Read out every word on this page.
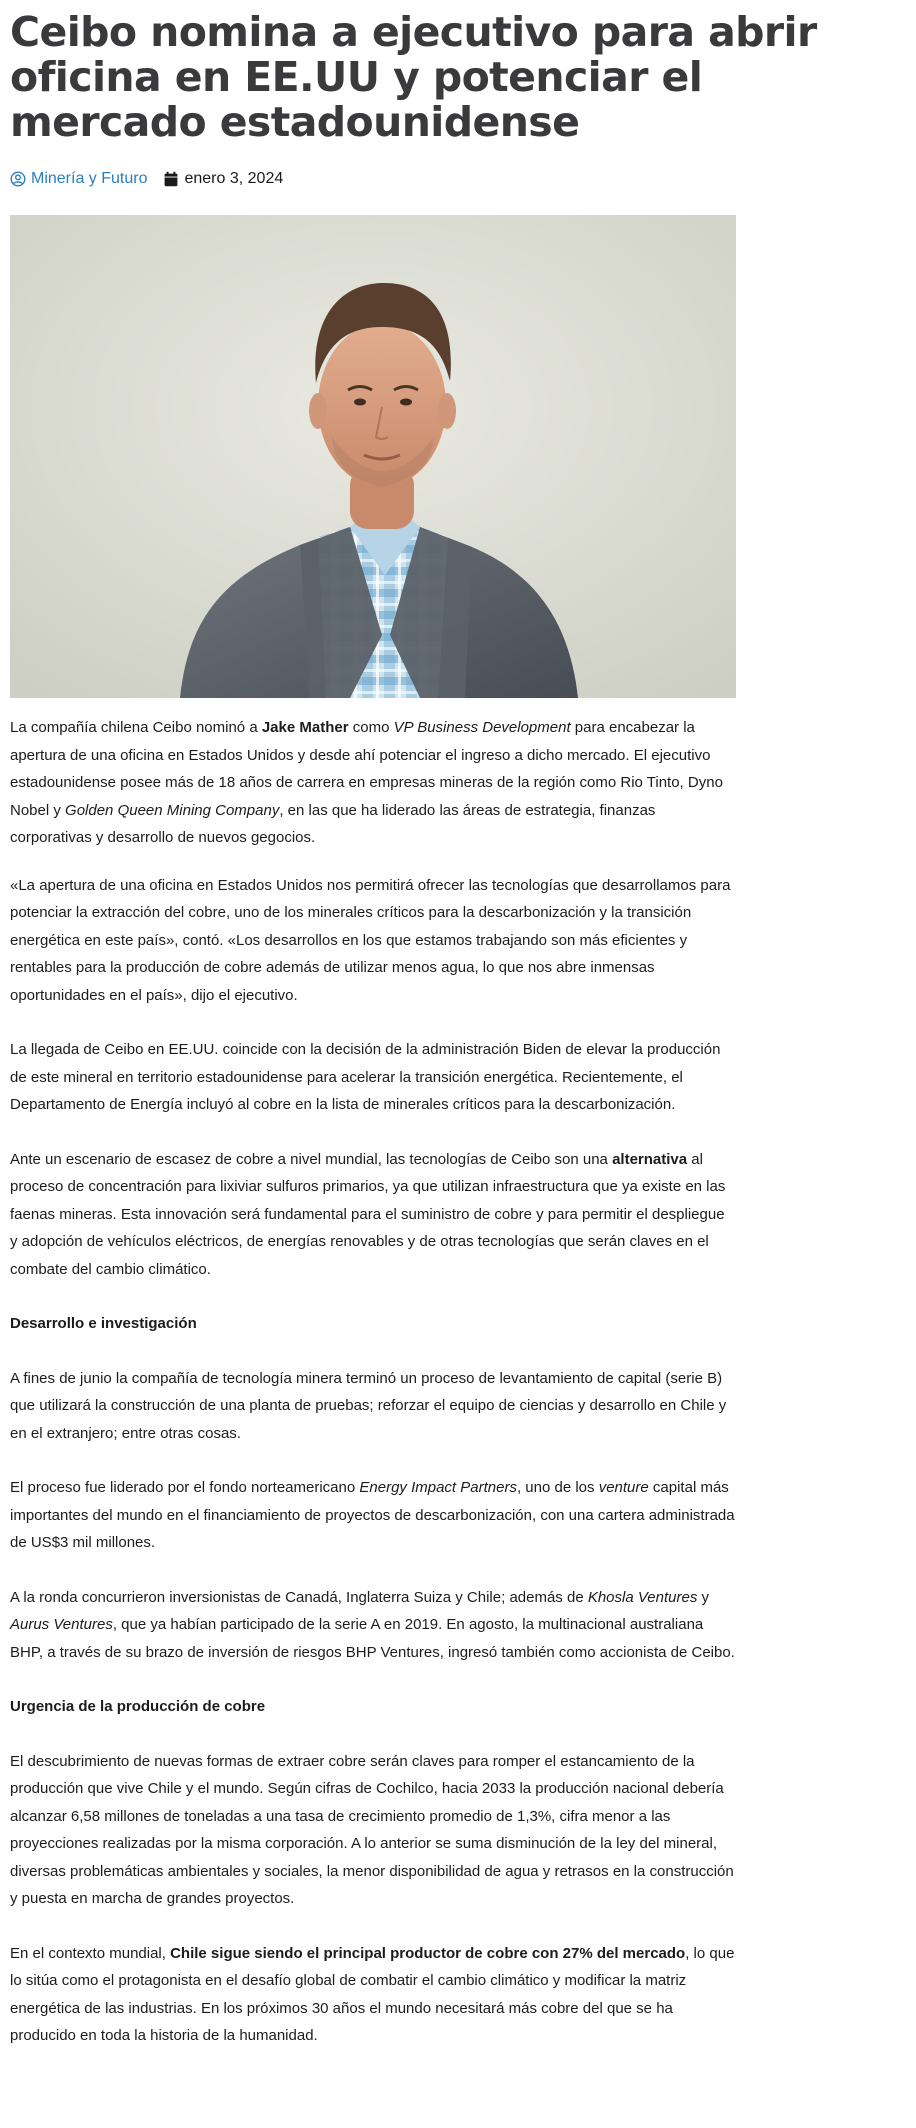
Ceibo nomina a ejecutivo para abrir oficina en EE.UU y potenciar el mercado estadounidense
Minería y Futuro enero 3, 2024

La compañía chilena Ceibo nominó a Jake Mather como VP Business Development para encabezar la apertura de una oficina en Estados Unidos y desde ahí potenciar el ingreso a dicho mercado. El ejecutivo estadounidense posee más de 18 años de carrera en empresas mineras de la región como Rio Tinto, Dyno Nobel y Golden Queen Mining Company, en las que ha liderado las áreas de estrategia, finanzas corporativas y desarrollo de nuevos gegocios.

«La apertura de una oficina en Estados Unidos nos permitirá ofrecer las tecnologías que desarrollamos para potenciar la extracción del cobre, uno de los minerales críticos para la descarbonización y la transición energética en este país», contó. «Los desarrollos en los que estamos trabajando son más eficientes y rentables para la producción de cobre además de utilizar menos agua, lo que nos abre inmensas oportunidades en el país», dijo el ejecutivo.

La llegada de Ceibo en EE.UU. coincide con la decisión de la administración Biden de elevar la producción de este mineral en territorio estadounidense para acelerar la transición energética. Recientemente, el Departamento de Energía incluyó al cobre en la lista de minerales críticos para la descarbonización.

Ante un escenario de escasez de cobre a nivel mundial, las tecnologías de Ceibo son una alternativa al proceso de concentración para lixiviar sulfuros primarios, ya que utilizan infraestructura que ya existe en las faenas mineras. Esta innovación será fundamental para el suministro de cobre y para permitir el despliegue y adopción de vehículos eléctricos, de energías renovables y de otras tecnologías que serán claves en el combate del cambio climático.

Desarrollo e investigación

A fines de junio la compañía de tecnología minera terminó un proceso de levantamiento de capital (serie B) que utilizará la construcción de una planta de pruebas; reforzar el equipo de ciencias y desarrollo en Chile y en el extranjero; entre otras cosas.

El proceso fue liderado por el fondo norteamericano Energy Impact Partners, uno de los venture capital más importantes del mundo en el financiamiento de proyectos de descarbonización, con una cartera administrada de US$3 mil millones.

A la ronda concurrieron inversionistas de Canadá, Inglaterra Suiza y Chile; además de Khosla Ventures y Aurus Ventures, que ya habían participado de la serie A en 2019. En agosto, la multinacional australiana BHP, a través de su brazo de inversión de riesgos BHP Ventures, ingresó también como accionista de Ceibo.

Urgencia de la producción de cobre

El descubrimiento de nuevas formas de extraer cobre serán claves para romper el estancamiento de la producción que vive Chile y el mundo. Según cifras de Cochilco, hacia 2033 la producción nacional debería alcanzar 6,58 millones de toneladas a una tasa de crecimiento promedio de 1,3%, cifra menor a las proyecciones realizadas por la misma corporación. A lo anterior se suma disminución de la ley del mineral, diversas problemáticas ambientales y sociales, la menor disponibilidad de agua y retrasos en la construcción y puesta en marcha de grandes proyectos.

En el contexto mundial, Chile sigue siendo el principal productor de cobre con 27% del mercado, lo que lo sitúa como el protagonista en el desafío global de combatir el cambio climático y modificar la matriz energética de las industrias. En los próximos 30 años el mundo necesitará más cobre del que se ha producido en toda la historia de la humanidad.
